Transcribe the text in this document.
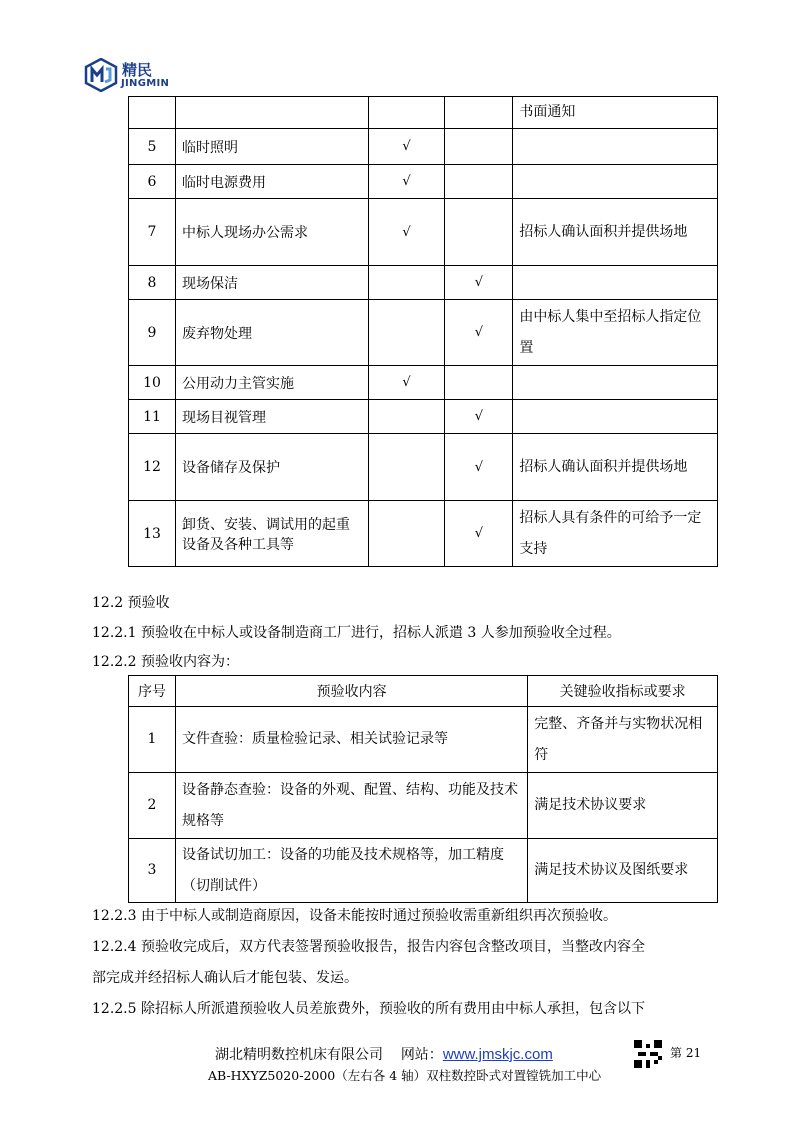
精民
JINGMIN
				书面通知
5	临时照明	√		
6	临时电源费用	√		
7	中标人现场办公需求	√		招标人确认面积并提供场地
8	现场保洁		√	
9	废弃物处理		√	由中标人集中至招标人指定位置
10	公用动力主管实施	√		
11	现场目视管理		√	
12	设备储存及保护		√	招标人确认面积并提供场地
13	卸货、安装、调试用的起重设备及各种工具等		√	招标人具有条件的可给予一定支持
12.2 预验收
12.2.1 预验收在中标人或设备制造商工厂进行，招标人派遣 3 人参加预验收全过程。
12.2.2 预验收内容为：
序号	预验收内容	关键验收指标或要求
1	文件查验：质量检验记录、相关试验记录等	完整、齐备并与实物状况相符
2	设备静态查验：设备的外观、配置、结构、功能及技术规格等	满足技术协议要求
3	设备试切加工：设备的功能及技术规格等，加工精度（切削试件）	满足技术协议及图纸要求
12.2.3 由于中标人或制造商原因，设备未能按时通过预验收需重新组织再次预验收。
12.2.4 预验收完成后，双方代表签署预验收报告，报告内容包含整改项目，当整改内容全
部完成并经招标人确认后才能包装、发运。
12.2.5 除招标人所派遣预验收人员差旅费外，预验收的所有费用由中标人承担，包含以下
湖北精明数控机床有限公司 网站：www.jmskjc.com	第 21
AB-HXYZ5020-2000（左右各 4 轴）双柱数控卧式对置镗铣加工中心
